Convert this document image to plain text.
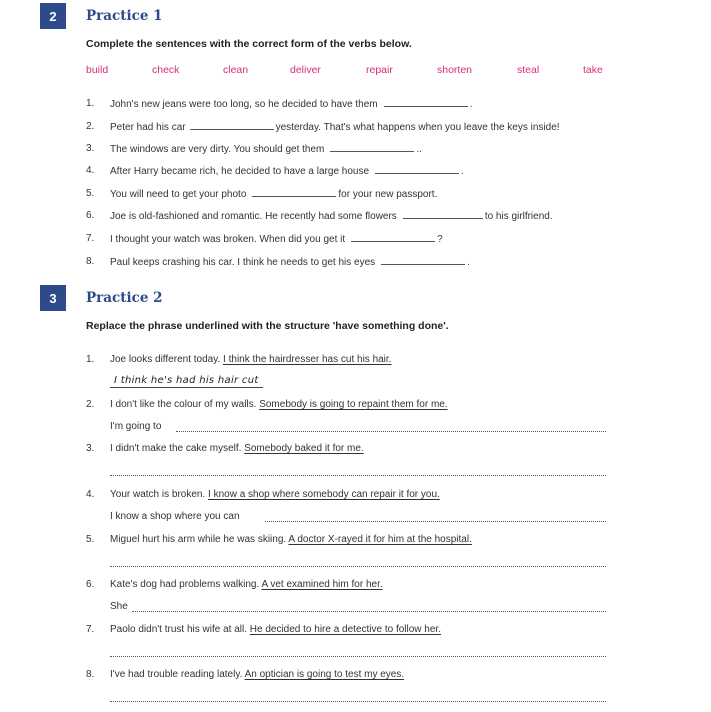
2	Practice 1
Complete the sentences with the correct form of the verbs below.
build	check	clean	deliver	repair	shorten	steal	take
1. John's new jeans were too long, so he decided to have them	.
2. Peter had his car	yesterday. That's what happens when you leave the keys inside!
3. The windows are very dirty. You should get them	..
4. After Harry became rich, he decided to have a large house	.
5. You will need to get your photo	for your new passport.
6. Joe is old-fashioned and romantic. He recently had some flowers	to his girlfriend.
7. I thought your watch was broken. When did you get it	?
8. Paul keeps crashing his car. I think he needs to get his eyes	.
3	Practice 2
Replace the phrase underlined with the structure 'have something done'.
1. Joe looks different today. I think the hairdresser has cut his hair.
I think he's had his hair cut
2. I don't like the colour of my walls. Somebody is going to repaint them for me.
I'm going to
3. I didn't make the cake myself. Somebody baked it for me.
4. Your watch is broken. I know a shop where somebody can repair it for you.
I know a shop where you can
5. Miguel hurt his arm while he was skiing. A doctor X-rayed it for him at the hospital.
6. Kate's dog had problems walking. A vet examined him for her.
She
7. Paolo didn't trust his wife at all. He decided to hire a detective to follow her.
8. I've had trouble reading lately. An optician is going to test my eyes.
